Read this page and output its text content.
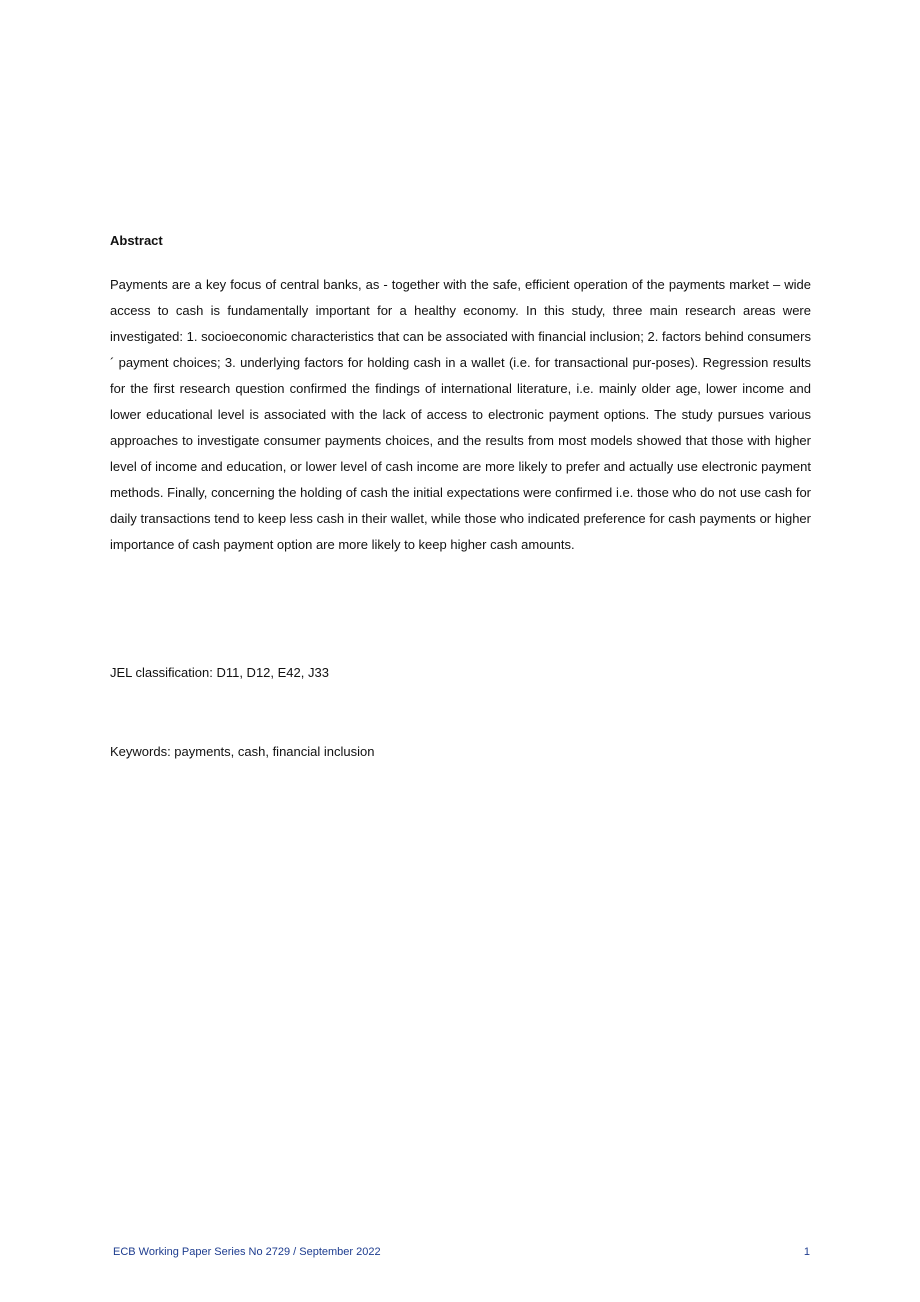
Abstract

Payments are a key focus of central banks, as - together with the safe, efficient operation of the payments market – wide access to cash is fundamentally important for a healthy economy. In this study, three main research areas were investigated: 1. socioeconomic characteristics that can be associated with financial inclusion; 2. factors behind consumers´ payment choices; 3. underlying factors for holding cash in a wallet (i.e. for transactional pur-poses). Regression results for the first research question confirmed the findings of international literature, i.e. mainly older age, lower income and lower educational level is associated with the lack of access to electronic payment options. The study pursues various approaches to investigate consumer payments choices, and the results from most models showed that those with higher level of income and education, or lower level of cash income are more likely to prefer and actually use electronic payment methods. Finally, concerning the holding of cash the initial expectations were confirmed i.e. those who do not use cash for daily transactions tend to keep less cash in their wallet, while those who indicated preference for cash payments or higher importance of cash payment option are more likely to keep higher cash amounts.

JEL classification: D11, D12, E42, J33

Keywords: payments, cash, financial inclusion

ECB Working Paper Series No 2729 / September 2022	1
